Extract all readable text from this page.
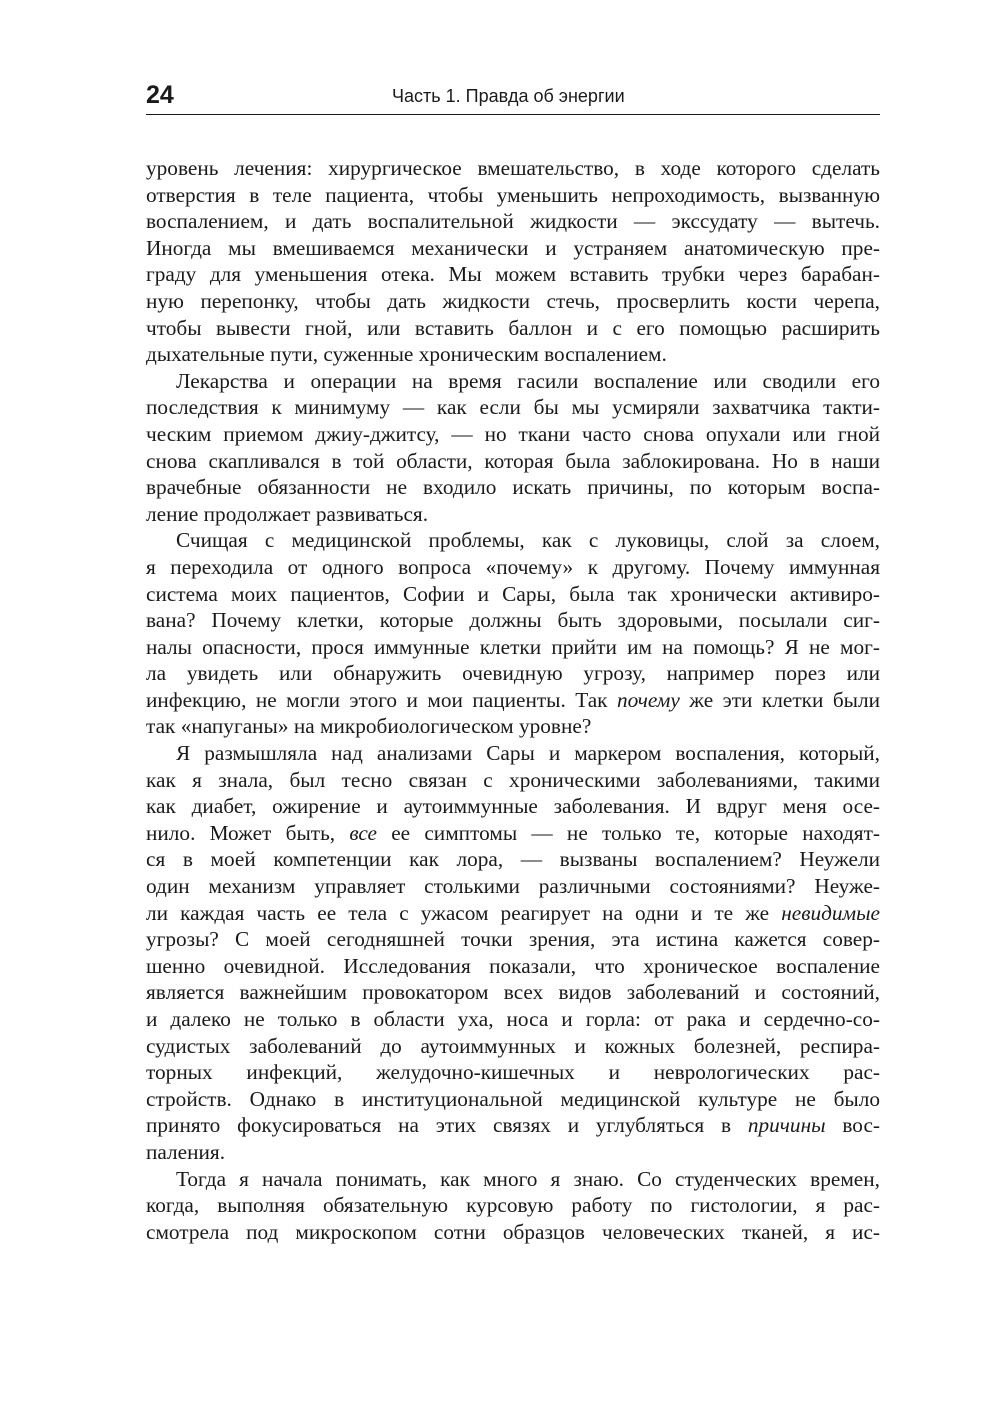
24	Часть 1. Правда об энергии

уровень лечения: хирургическое вмешательство, в ходе которого сделать
отверстия в теле пациента, чтобы уменьшить непроходимость, вызванную
воспалением, и дать воспалительной жидкости — экссудату — вытечь.
Иногда мы вмешиваемся механически и устраняем анатомическую пре-
граду для уменьшения отека. Мы можем вставить трубки через барабан-
ную перепонку, чтобы дать жидкости стечь, просверлить кости черепа,
чтобы вывести гной, или вставить баллон и с его помощью расширить
дыхательные пути, суженные хроническим воспалением.

Лекарства и операции на время гасили воспаление или сводили его
последствия к минимуму — как если бы мы усмиряли захватчика такти-
ческим приемом джиу-джитсу, — но ткани часто снова опухали или гной
снова скапливался в той области, которая была заблокирована. Но в наши
врачебные обязанности не входило искать причины, по которым воспа-
ление продолжает развиваться.

Счищая с медицинской проблемы, как с луковицы, слой за слоем,
я переходила от одного вопроса «почему» к другому. Почему иммунная
система моих пациентов, Софии и Сары, была так хронически активиро-
вана? Почему клетки, которые должны быть здоровыми, посылали сиг-
налы опасности, прося иммунные клетки прийти им на помощь? Я не мог-
ла увидеть или обнаружить очевидную угрозу, например порез или
инфекцию, не могли этого и мои пациенты. Так почему же эти клетки были
так «напуганы» на микробиологическом уровне?

Я размышляла над анализами Сары и маркером воспаления, который,
как я знала, был тесно связан с хроническими заболеваниями, такими
как диабет, ожирение и аутоиммунные заболевания. И вдруг меня осе-
нило. Может быть, все ее симптомы — не только те, которые находят-
ся в моей компетенции как лора, — вызваны воспалением? Неужели
один механизм управляет столькими различными состояниями? Неуже-
ли каждая часть ее тела с ужасом реагирует на одни и те же невидимые
угрозы? С моей сегодняшней точки зрения, эта истина кажется совер-
шенно очевидной. Исследования показали, что хроническое воспаление
является важнейшим провокатором всех видов заболеваний и состояний,
и далеко не только в области уха, носа и горла: от рака и сердечно-со-
судистых заболеваний до аутоиммунных и кожных болезней, респира-
торных инфекций, желудочно-кишечных и неврологических рас-
стройств. Однако в институциональной медицинской культуре не было
принято фокусироваться на этих связях и углубляться в причины вос-
паления.

Тогда я начала понимать, как много я знаю. Со студенческих времен,
когда, выполняя обязательную курсовую работу по гистологии, я рас-
смотрела под микроскопом сотни образцов человеческих тканей, я ис-
